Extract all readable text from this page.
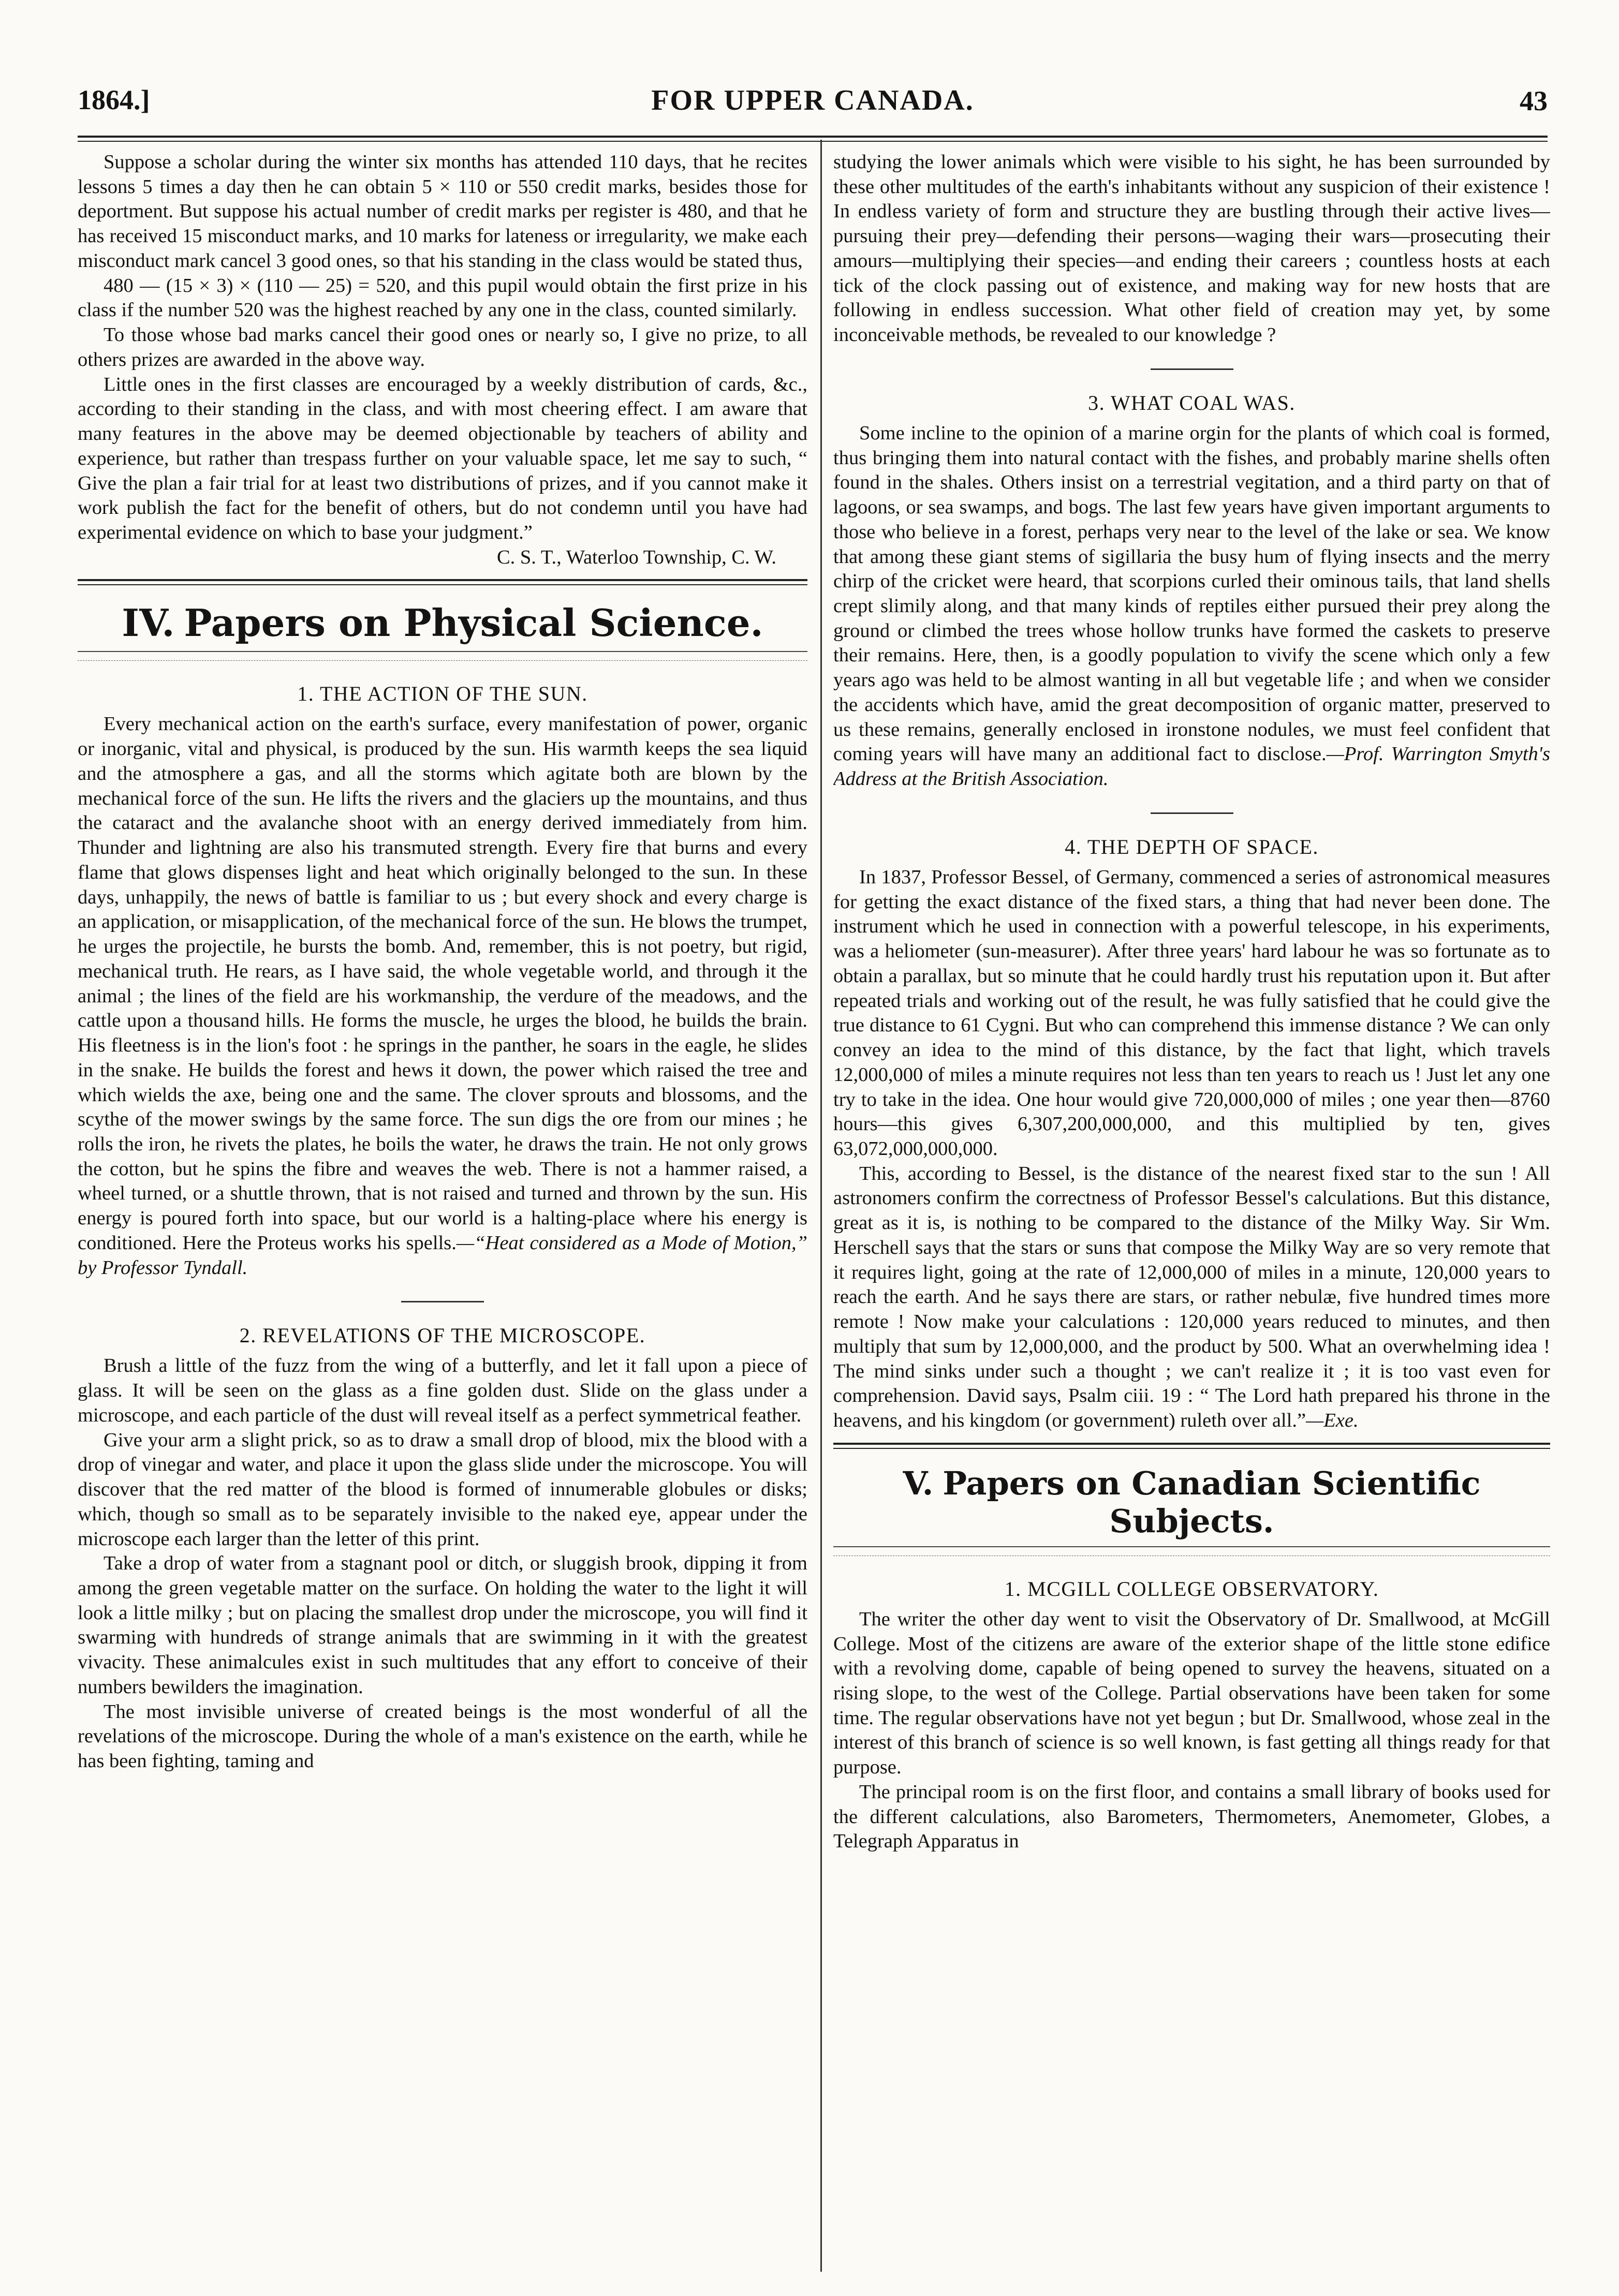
1864.]	FOR UPPER CANADA.	43

Suppose a scholar during the winter six months has attended 110 days, that he recites lessons 5 times a day then he can obtain 5 × 110 or 550 credit marks, besides those for deportment. But suppose his actual number of credit marks per register is 480, and that he has received 15 misconduct marks, and 10 marks for lateness or irregularity, we make each misconduct mark cancel 3 good ones, so that his standing in the class would be stated thus,

480 — (15 × 3) × (110 — 25) = 520, and this pupil would obtain the first prize in his class if the number 520 was the highest reached by any one in the class, counted similarly.

To those whose bad marks cancel their good ones or nearly so, I give no prize, to all others prizes are awarded in the above way.

Little ones in the first classes are encouraged by a weekly distribution of cards, &c., according to their standing in the class, and with most cheering effect. I am aware that many features in the above may be deemed objectionable by teachers of ability and experience, but rather than trespass further on your valuable space, let me say to such, “ Give the plan a fair trial for at least two distributions of prizes, and if you cannot make it work publish the fact for the benefit of others, but do not condemn until you have had experimental evidence on which to base your judgment.”

C. S. T., Waterloo Township, C. W.

IV. Papers on Physical Science.
1. THE ACTION OF THE SUN.

Every mechanical action on the earth's surface, every manifestation of power, organic or inorganic, vital and physical, is produced by the sun. His warmth keeps the sea liquid and the atmosphere a gas, and all the storms which agitate both are blown by the mechanical force of the sun. He lifts the rivers and the glaciers up the mountains, and thus the cataract and the avalanche shoot with an energy derived immediately from him. Thunder and lightning are also his transmuted strength. Every fire that burns and every flame that glows dispenses light and heat which originally belonged to the sun. In these days, unhappily, the news of battle is familiar to us ; but every shock and every charge is an application, or misapplication, of the mechanical force of the sun. He blows the trumpet, he urges the projectile, he bursts the bomb. And, remember, this is not poetry, but rigid, mechanical truth. He rears, as I have said, the whole vegetable world, and through it the animal ; the lines of the field are his workmanship, the verdure of the meadows, and the cattle upon a thousand hills. He forms the muscle, he urges the blood, he builds the brain. His fleetness is in the lion's foot : he springs in the panther, he soars in the eagle, he slides in the snake. He builds the forest and hews it down, the power which raised the tree and which wields the axe, being one and the same. The clover sprouts and blossoms, and the scythe of the mower swings by the same force. The sun digs the ore from our mines ; he rolls the iron, he rivets the plates, he boils the water, he draws the train. He not only grows the cotton, but he spins the fibre and weaves the web. There is not a hammer raised, a wheel turned, or a shuttle thrown, that is not raised and turned and thrown by the sun. His energy is poured forth into space, but our world is a halting-place where his energy is conditioned. Here the Proteus works his spells.—“Heat considered as a Mode of Motion,” by Professor Tyndall.

2. REVELATIONS OF THE MICROSCOPE.

Brush a little of the fuzz from the wing of a butterfly, and let it fall upon a piece of glass. It will be seen on the glass as a fine golden dust. Slide on the glass under a microscope, and each particle of the dust will reveal itself as a perfect symmetrical feather.

Give your arm a slight prick, so as to draw a small drop of blood, mix the blood with a drop of vinegar and water, and place it upon the glass slide under the microscope. You will discover that the red matter of the blood is formed of innumerable globules or disks; which, though so small as to be separately invisible to the naked eye, appear under the microscope each larger than the letter of this print.

Take a drop of water from a stagnant pool or ditch, or sluggish brook, dipping it from among the green vegetable matter on the surface. On holding the water to the light it will look a little milky ; but on placing the smallest drop under the microscope, you will find it swarming with hundreds of strange animals that are swimming in it with the greatest vivacity. These animalcules exist in such multitudes that any effort to conceive of their numbers bewilders the imagination.

The most invisible universe of created beings is the most wonderful of all the revelations of the microscope. During the whole of a man's existence on the earth, while he has been fighting, taming and

studying the lower animals which were visible to his sight, he has been surrounded by these other multitudes of the earth's inhabitants without any suspicion of their existence ! In endless variety of form and structure they are bustling through their active lives—pursuing their prey—defending their persons—waging their wars—prosecuting their amours—multiplying their species—and ending their careers ; countless hosts at each tick of the clock passing out of existence, and making way for new hosts that are following in endless succession. What other field of creation may yet, by some inconceivable methods, be revealed to our knowledge ?

3. WHAT COAL WAS.

Some incline to the opinion of a marine orgin for the plants of which coal is formed, thus bringing them into natural contact with the fishes, and probably marine shells often found in the shales. Others insist on a terrestrial vegitation, and a third party on that of lagoons, or sea swamps, and bogs. The last few years have given important arguments to those who believe in a forest, perhaps very near to the level of the lake or sea. We know that among these giant stems of sigillaria the busy hum of flying insects and the merry chirp of the cricket were heard, that scorpions curled their ominous tails, that land shells crept slimily along, and that many kinds of reptiles either pursued their prey along the ground or climbed the trees whose hollow trunks have formed the caskets to preserve their remains. Here, then, is a goodly population to vivify the scene which only a few years ago was held to be almost wanting in all but vegetable life ; and when we consider the accidents which have, amid the great decomposition of organic matter, preserved to us these remains, generally enclosed in ironstone nodules, we must feel confident that coming years will have many an additional fact to disclose.—Prof. Warrington Smyth's Address at the British Association.

4. THE DEPTH OF SPACE.

In 1837, Professor Bessel, of Germany, commenced a series of astronomical measures for getting the exact distance of the fixed stars, a thing that had never been done. The instrument which he used in connection with a powerful telescope, in his experiments, was a heliometer (sun-measurer). After three years' hard labour he was so fortunate as to obtain a parallax, but so minute that he could hardly trust his reputation upon it. But after repeated trials and working out of the result, he was fully satisfied that he could give the true distance to 61 Cygni. But who can comprehend this immense distance ? We can only convey an idea to the mind of this distance, by the fact that light, which travels 12,000,000 of miles a minute requires not less than ten years to reach us ! Just let any one try to take in the idea. One hour would give 720,000,000 of miles ; one year then—8760 hours—this gives 6,307,200,000,000, and this multiplied by ten, gives 63,072,000,000,000.

This, according to Bessel, is the distance of the nearest fixed star to the sun ! All astronomers confirm the correctness of Professor Bessel's calculations. But this distance, great as it is, is nothing to be compared to the distance of the Milky Way. Sir Wm. Herschell says that the stars or suns that compose the Milky Way are so very remote that it requires light, going at the rate of 12,000,000 of miles in a minute, 120,000 years to reach the earth. And he says there are stars, or rather nebulæ, five hundred times more remote ! Now make your calculations : 120,000 years reduced to minutes, and then multiply that sum by 12,000,000, and the product by 500. What an overwhelming idea ! The mind sinks under such a thought ; we can't realize it ; it is too vast even for comprehension. David says, Psalm ciii. 19 : “ The Lord hath prepared his throne in the heavens, and his kingdom (or government) ruleth over all.”—Exe.

V. Papers on Canadian Scientific Subjects.
1. MCGILL COLLEGE OBSERVATORY.

The writer the other day went to visit the Observatory of Dr. Smallwood, at McGill College. Most of the citizens are aware of the exterior shape of the little stone edifice with a revolving dome, capable of being opened to survey the heavens, situated on a rising slope, to the west of the College. Partial observations have been taken for some time. The regular observations have not yet begun ; but Dr. Smallwood, whose zeal in the interest of this branch of science is so well known, is fast getting all things ready for that purpose.

The principal room is on the first floor, and contains a small library of books used for the different calculations, also Barometers, Thermometers, Anemometer, Globes, a Telegraph Apparatus in
